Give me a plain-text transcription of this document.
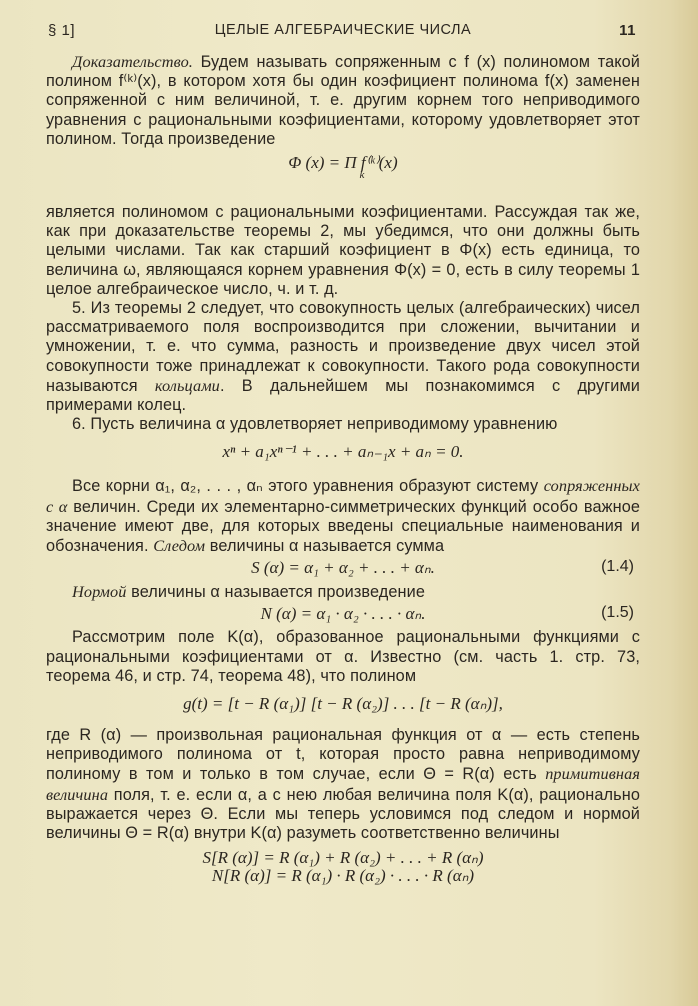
§ 1]	ЦЕЛЫЕ АЛГЕБРАИЧЕСКИЕ ЧИСЛА	11

Доказательство. Будем называть сопряженным с f (x) полиномом такой полином f⁽ᵏ⁾(x), в котором хотя бы один коэфициент полинома f(x) заменен сопряженной с ним величиной, т. е. другим корнем того неприводимого уравнения с рациональными коэфициентами, которому удовлетворяет этот полином. Тогда произведение

Φ (x) = Π f⁽ᵏ⁾(x)
k

является полиномом с рациональными коэфициентами. Рассуждая так же, как при доказательстве теоремы 2, мы убедимся, что они должны быть целыми числами. Так как старший коэфициент в Φ(x) есть единица, то величина ω, являющаяся корнем уравнения Φ(x) = 0, есть в силу теоремы 1 целое алгебраическое число, ч. и т. д.

5. Из теоремы 2 следует, что совокупность целых (алгебраических) чисел рассматриваемого поля воспроизводится при сложении, вычитании и умножении, т. е. что сумма, разность и произведение двух чисел этой совокупности тоже принадлежат к совокупности. Такого рода совокупности называются кольцами. В дальнейшем мы познакомимся с другими примерами колец.

6. Пусть величина α удовлетворяет неприводимому уравнению

xⁿ + a₁xⁿ⁻¹ + . . . + aₙ₋₁x + aₙ = 0.

Все корни α₁, α₂, . . . , αₙ этого уравнения образуют систему сопряженных с α величин. Среди их элементарно-симметрических функций особо важное значение имеют две, для которых введены специальные наименования и обозначения. Следом величины α называется сумма

S (α) = α₁ + α₂ + . . . + αₙ.	(1.4)

Нормой величины α называется произведение

N (α) = α₁ · α₂ · . . . · αₙ.	(1.5)

Рассмотрим поле K(α), образованное рациональными функциями с рациональными коэфициентами от α. Известно (см. часть 1. стр. 73, теорема 46, и стр. 74, теорема 48), что полином

g(t) = [t − R (α₁)] [t − R (α₂)] . . . [t − R (αₙ)],

где R (α) — произвольная рациональная функция от α — есть степень неприводимого полинома от t, которая просто равна неприводимому полиному в том и только в том случае, если Θ = R(α) есть примитивная величина поля, т. е. если α, а с нею любая величина поля K(α), рационально выражается через Θ. Если мы теперь условимся под следом и нормой величины Θ = R(α) внутри K(α) разуметь соответственно величины

S[R (α)] = R (α₁) + R (α₂) + . . . + R (αₙ)

N[R (α)] = R (α₁) · R (α₂) · . . . · R (αₙ)
